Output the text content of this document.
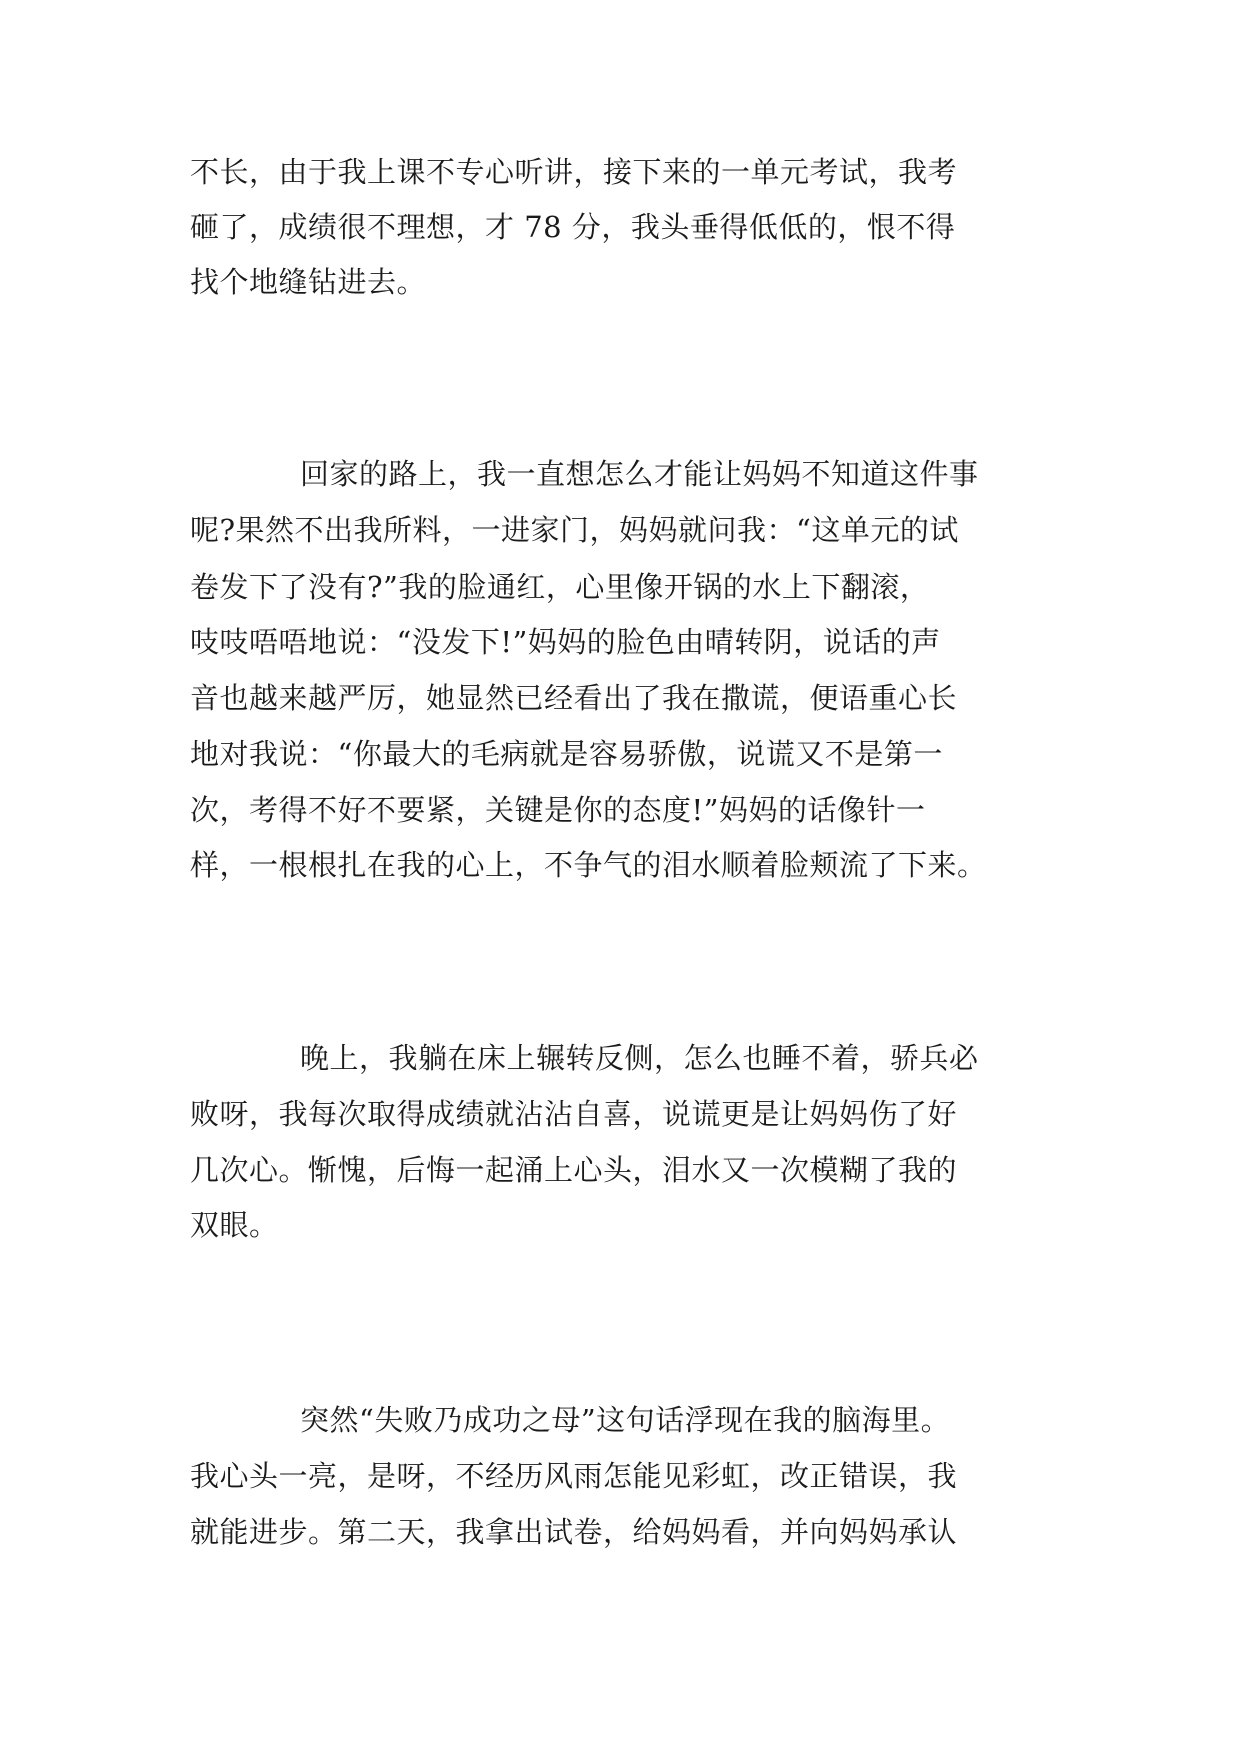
不长，由于我上课不专心听讲，接下来的一单元考试，我考
砸了，成绩很不理想，才 78 分，我头垂得低低的，恨不得
找个地缝钻进去。
回家的路上，我一直想怎么才能让妈妈不知道这件事
呢?果然不出我所料，一进家门，妈妈就问我：“这单元的试
卷发下了没有?”我的脸通红，心里像开锅的水上下翻滚，
吱吱唔唔地说：“没发下!”妈妈的脸色由晴转阴，说话的声
音也越来越严厉，她显然已经看出了我在撒谎，便语重心长
地对我说：“你最大的毛病就是容易骄傲，说谎又不是第一
次，考得不好不要紧，关键是你的态度!”妈妈的话像针一
样，一根根扎在我的心上，不争气的泪水顺着脸颊流了下来。
晚上，我躺在床上辗转反侧，怎么也睡不着，骄兵必
败呀，我每次取得成绩就沾沾自喜，说谎更是让妈妈伤了好
几次心。惭愧，后悔一起涌上心头，泪水又一次模糊了我的
双眼。
突然“失败乃成功之母”这句话浮现在我的脑海里。
我心头一亮，是呀，不经历风雨怎能见彩虹，改正错误，我
就能进步。第二天，我拿出试卷，给妈妈看，并向妈妈承认
